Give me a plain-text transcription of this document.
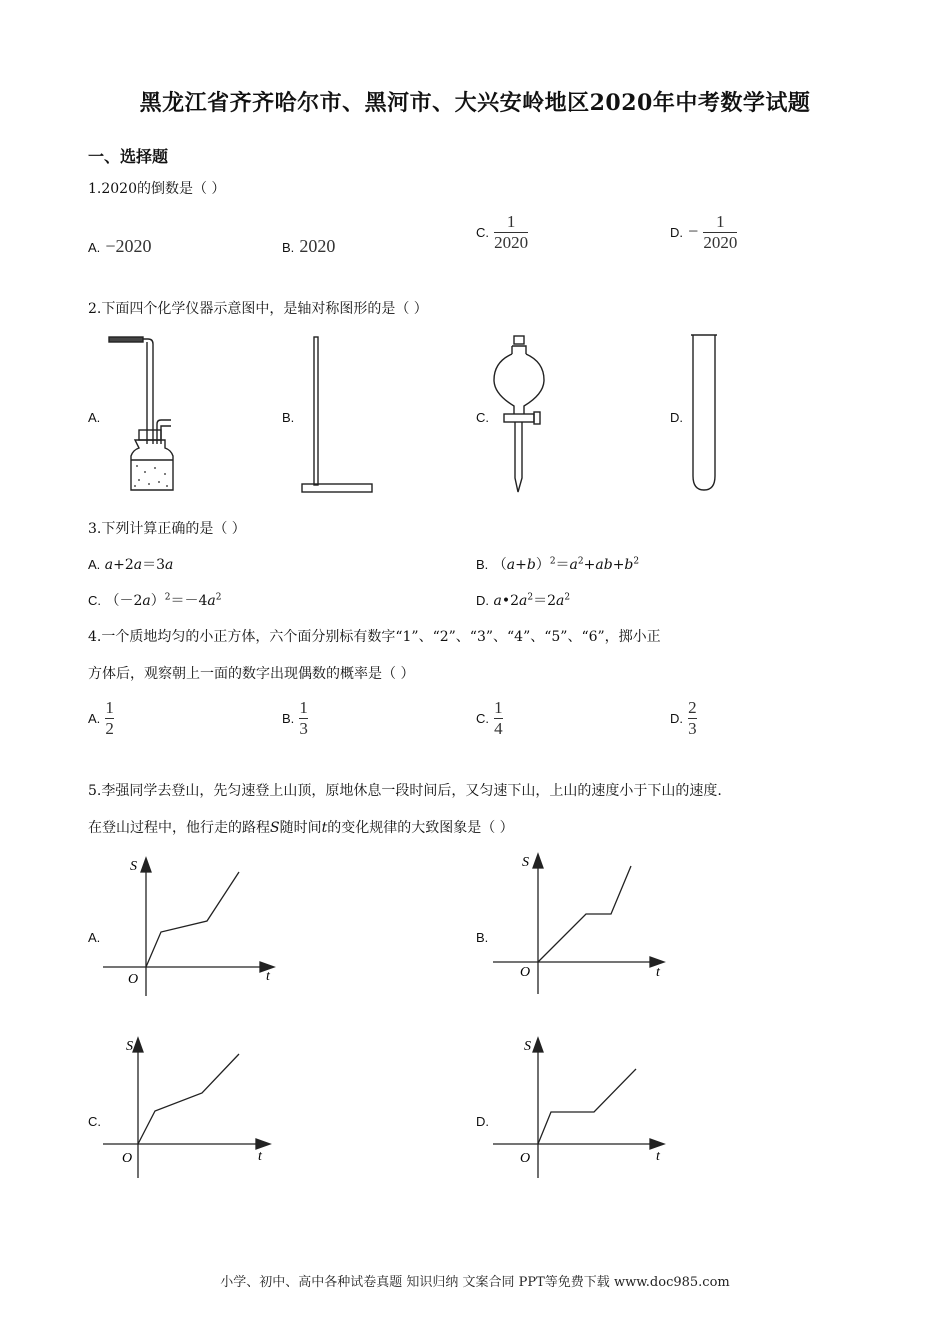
黑龙江省齐齐哈尔市、黑河市、大兴安岭地区2020年中考数学试题
一、选择题
1.2020的倒数是（ ）
A. −2020	B. 2020
C. $\frac{1}{2020}$	D. − $\frac{1}{2020}$
2.下面四个化学仪器示意图中，是轴对称图形的是（ ）
A.	B.	C.	D.
3.下列计算正确的是（ ）
A. a+2a＝3a	B. $(a+b)^2=a^2+ab+b^2$
C. $(-2a)^2=-4a^2$	D. $a•2a^2=2a^2$
4.一个质地均匀的小正方体，六个面分别标有数字“1”、“2”、“3”、“4”、“5”、“6”，掷小正
方体后，观察朝上一面的数字出现偶数的概率是（ ）
A. $\frac{1}{2}$	B. $\frac{1}{3}$	C. $\frac{1}{4}$	D. $\frac{2}{3}$
5.李强同学去登山，先匀速登上山顶，原地休息一段时间后，又匀速下山，上山的速度小于下山的速度.
在登山过程中，他行走的路程S随时间t的变化规律的大致图象是（ ）
A.	B.
C.	D.
S
t
O
S
t
O
S
t
O
S
t
O
小学、初中、高中各种试卷真题 知识归纳 文案合同 PPT等免费下载 www.doc985.com
